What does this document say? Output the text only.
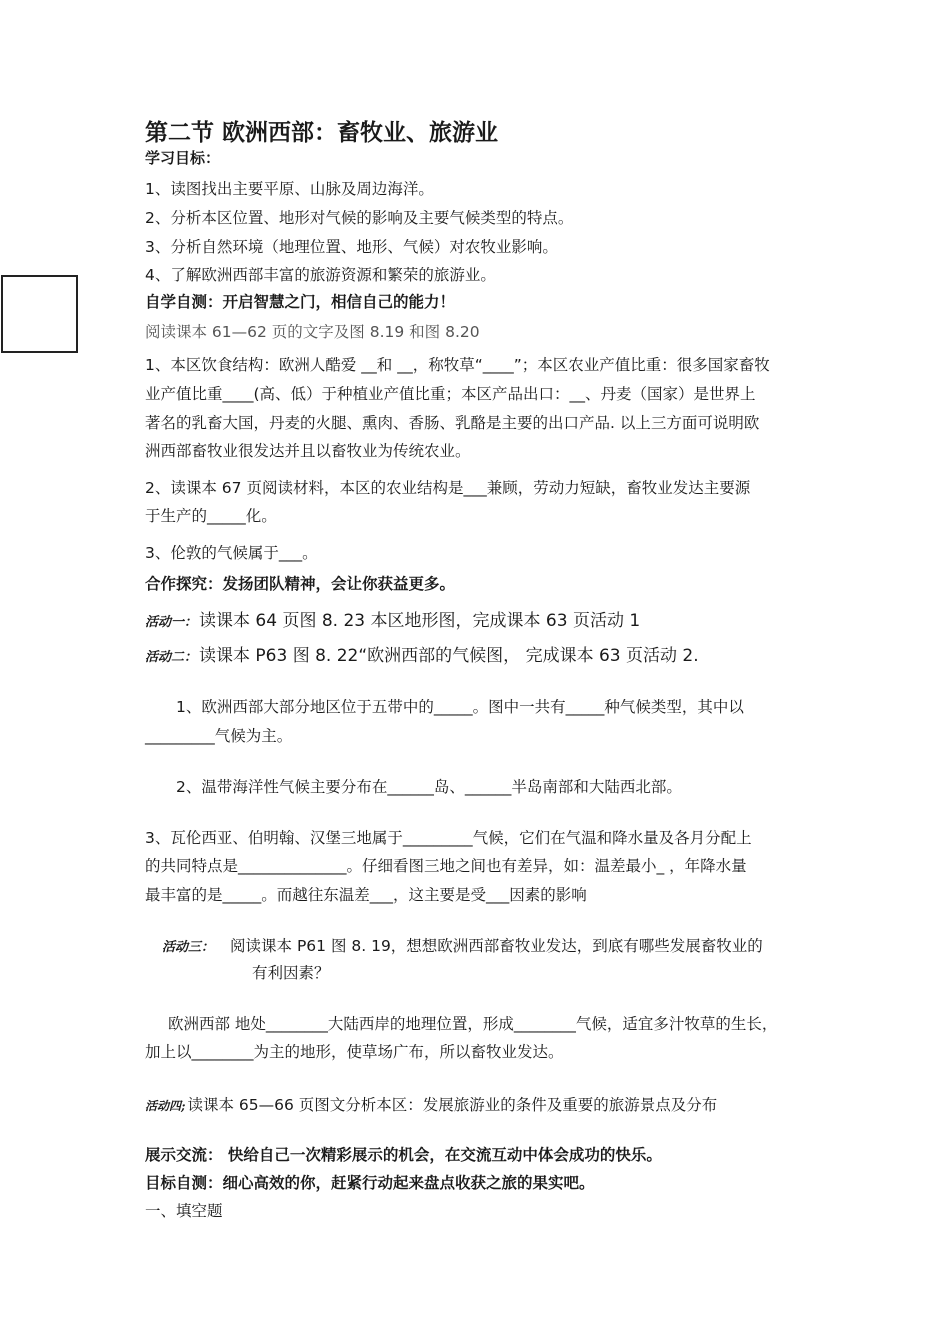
第二节 欧洲西部：畜牧业、旅游业
学习目标：
1、读图找出主要平原、山脉及周边海洋。
2、分析本区位置、地形对气候的影响及主要气候类型的特点。
3、分析自然环境（地理位置、地形、气候）对农牧业影响。
4、了解欧洲西部丰富的旅游资源和繁荣的旅游业。
自学自测：开启智慧之门，相信自己的能力！
阅读课本 61—62 页的文字及图 8.19 和图 8.20
1、本区饮食结构：欧洲人酷爱 __和 __，称牧草“____”；本区农业产值比重：很多国家畜牧
业产值比重____(高、低）于种植业产值比重；本区产品出口：__、丹麦（国家）是世界上
著名的乳畜大国，丹麦的火腿、熏肉、香肠、乳酪是主要的出口产品. 以上三方面可说明欧
洲西部畜牧业很发达并且以畜牧业为传统农业。
2、读课本 67 页阅读材料，本区的农业结构是___兼顾，劳动力短缺，畜牧业发达主要源
于生产的_____化。
3、伦敦的气候属于___。
合作探究：发扬团队精神，会让你获益更多。
活动一： 读课本 64 页图 8. 23 本区地形图，完成课本 63 页活动 1
活动二： 读课本 P63 图 8. 22“欧洲西部的气候图， 完成课本 63 页活动 2.
1、欧洲西部大部分地区位于五带中的_____。图中一共有_____种气候类型，其中以
_________气候为主。
2、温带海洋性气候主要分布在______岛、______半岛南部和大陆西北部。
3、瓦伦西亚、伯明翰、汉堡三地属于_________气候，它们在气温和降水量及各月分配上
的共同特点是______________。仔细看图三地之间也有差异，如：温差最小_ ，年降水量
最丰富的是_____。而越往东温差___，这主要是受___因素的影响
活动三： 阅读课本 P61 图 8. 19，想想欧洲西部畜牧业发达，到底有哪些发展畜牧业的
有利因素？
欧洲西部 地处________大陆西岸的地理位置，形成________气候，适宜多汁牧草的生长，
加上以________为主的地形，使草场广布，所以畜牧业发达。
活动四; 读课本 65—66 页图文分析本区：发展旅游业的条件及重要的旅游景点及分布
展示交流： 快给自己一次精彩展示的机会，在交流互动中体会成功的快乐。
目标自测：细心高效的你，赶紧行动起来盘点收获之旅的果实吧。
一、填空题
